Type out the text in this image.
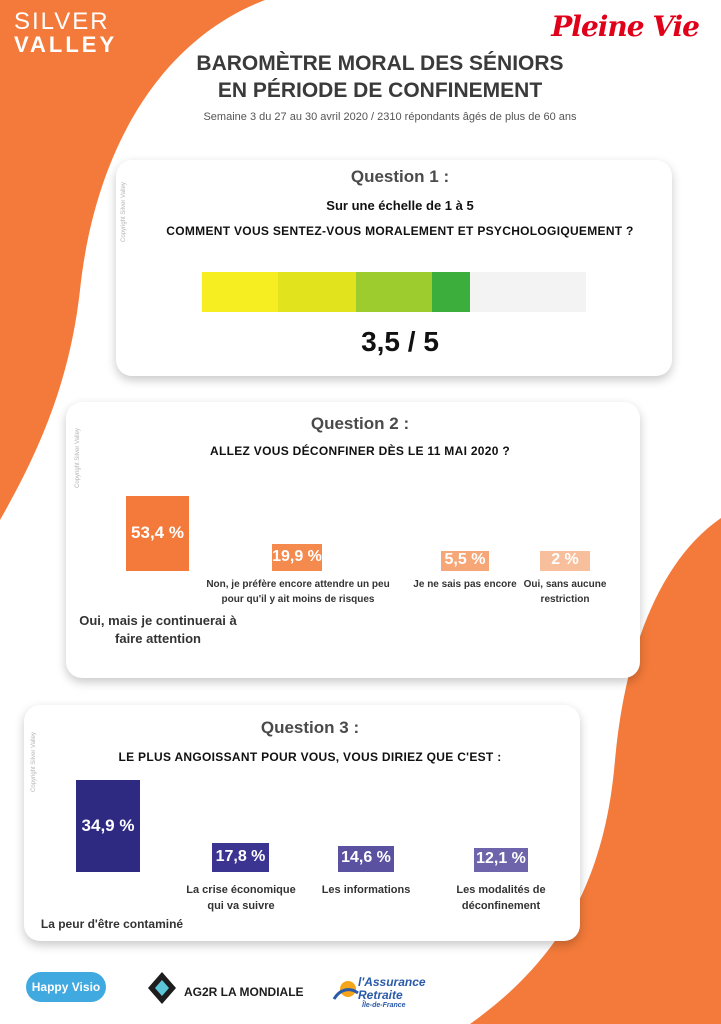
SILVER
VALLEY
Pleine Vie
BAROMÈTRE MORAL DES SÉNIORS
EN PÉRIODE DE CONFINEMENT
Semaine 3 du 27 au 30 avril 2020 / 2310 répondants âgés de plus de 60 ans
Copyright Silver Valley
Question 1 :
Sur une échelle de 1 à 5
COMMENT VOUS SENTEZ-VOUS MORALEMENT ET PSYCHOLOGIQUEMENT ?
3,5 / 5
Copyright Silver Valley
Question 2 :
ALLEZ VOUS DÉCONFINER DÈS LE 11 MAI 2020 ?
53,4 %
Oui, mais je continuerai à faire attention
19,9 %
Non, je préfère encore attendre un peu pour qu'il y ait moins de risques
5,5 %
Je ne sais pas encore
2 %
Oui, sans aucune restriction
Copyright Silver Valley
Question 3 :
LE PLUS ANGOISSANT POUR VOUS, VOUS DIRIEZ QUE C'EST :
34,9 %
La peur d'être contaminé
17,8 %
La crise économique qui va suivre
14,6 %
Les informations
12,1 %
Les modalités de déconfinement
Happy Visio	AG2R LA MONDIALE
l'Assurance
Retraite
Île-de-France
